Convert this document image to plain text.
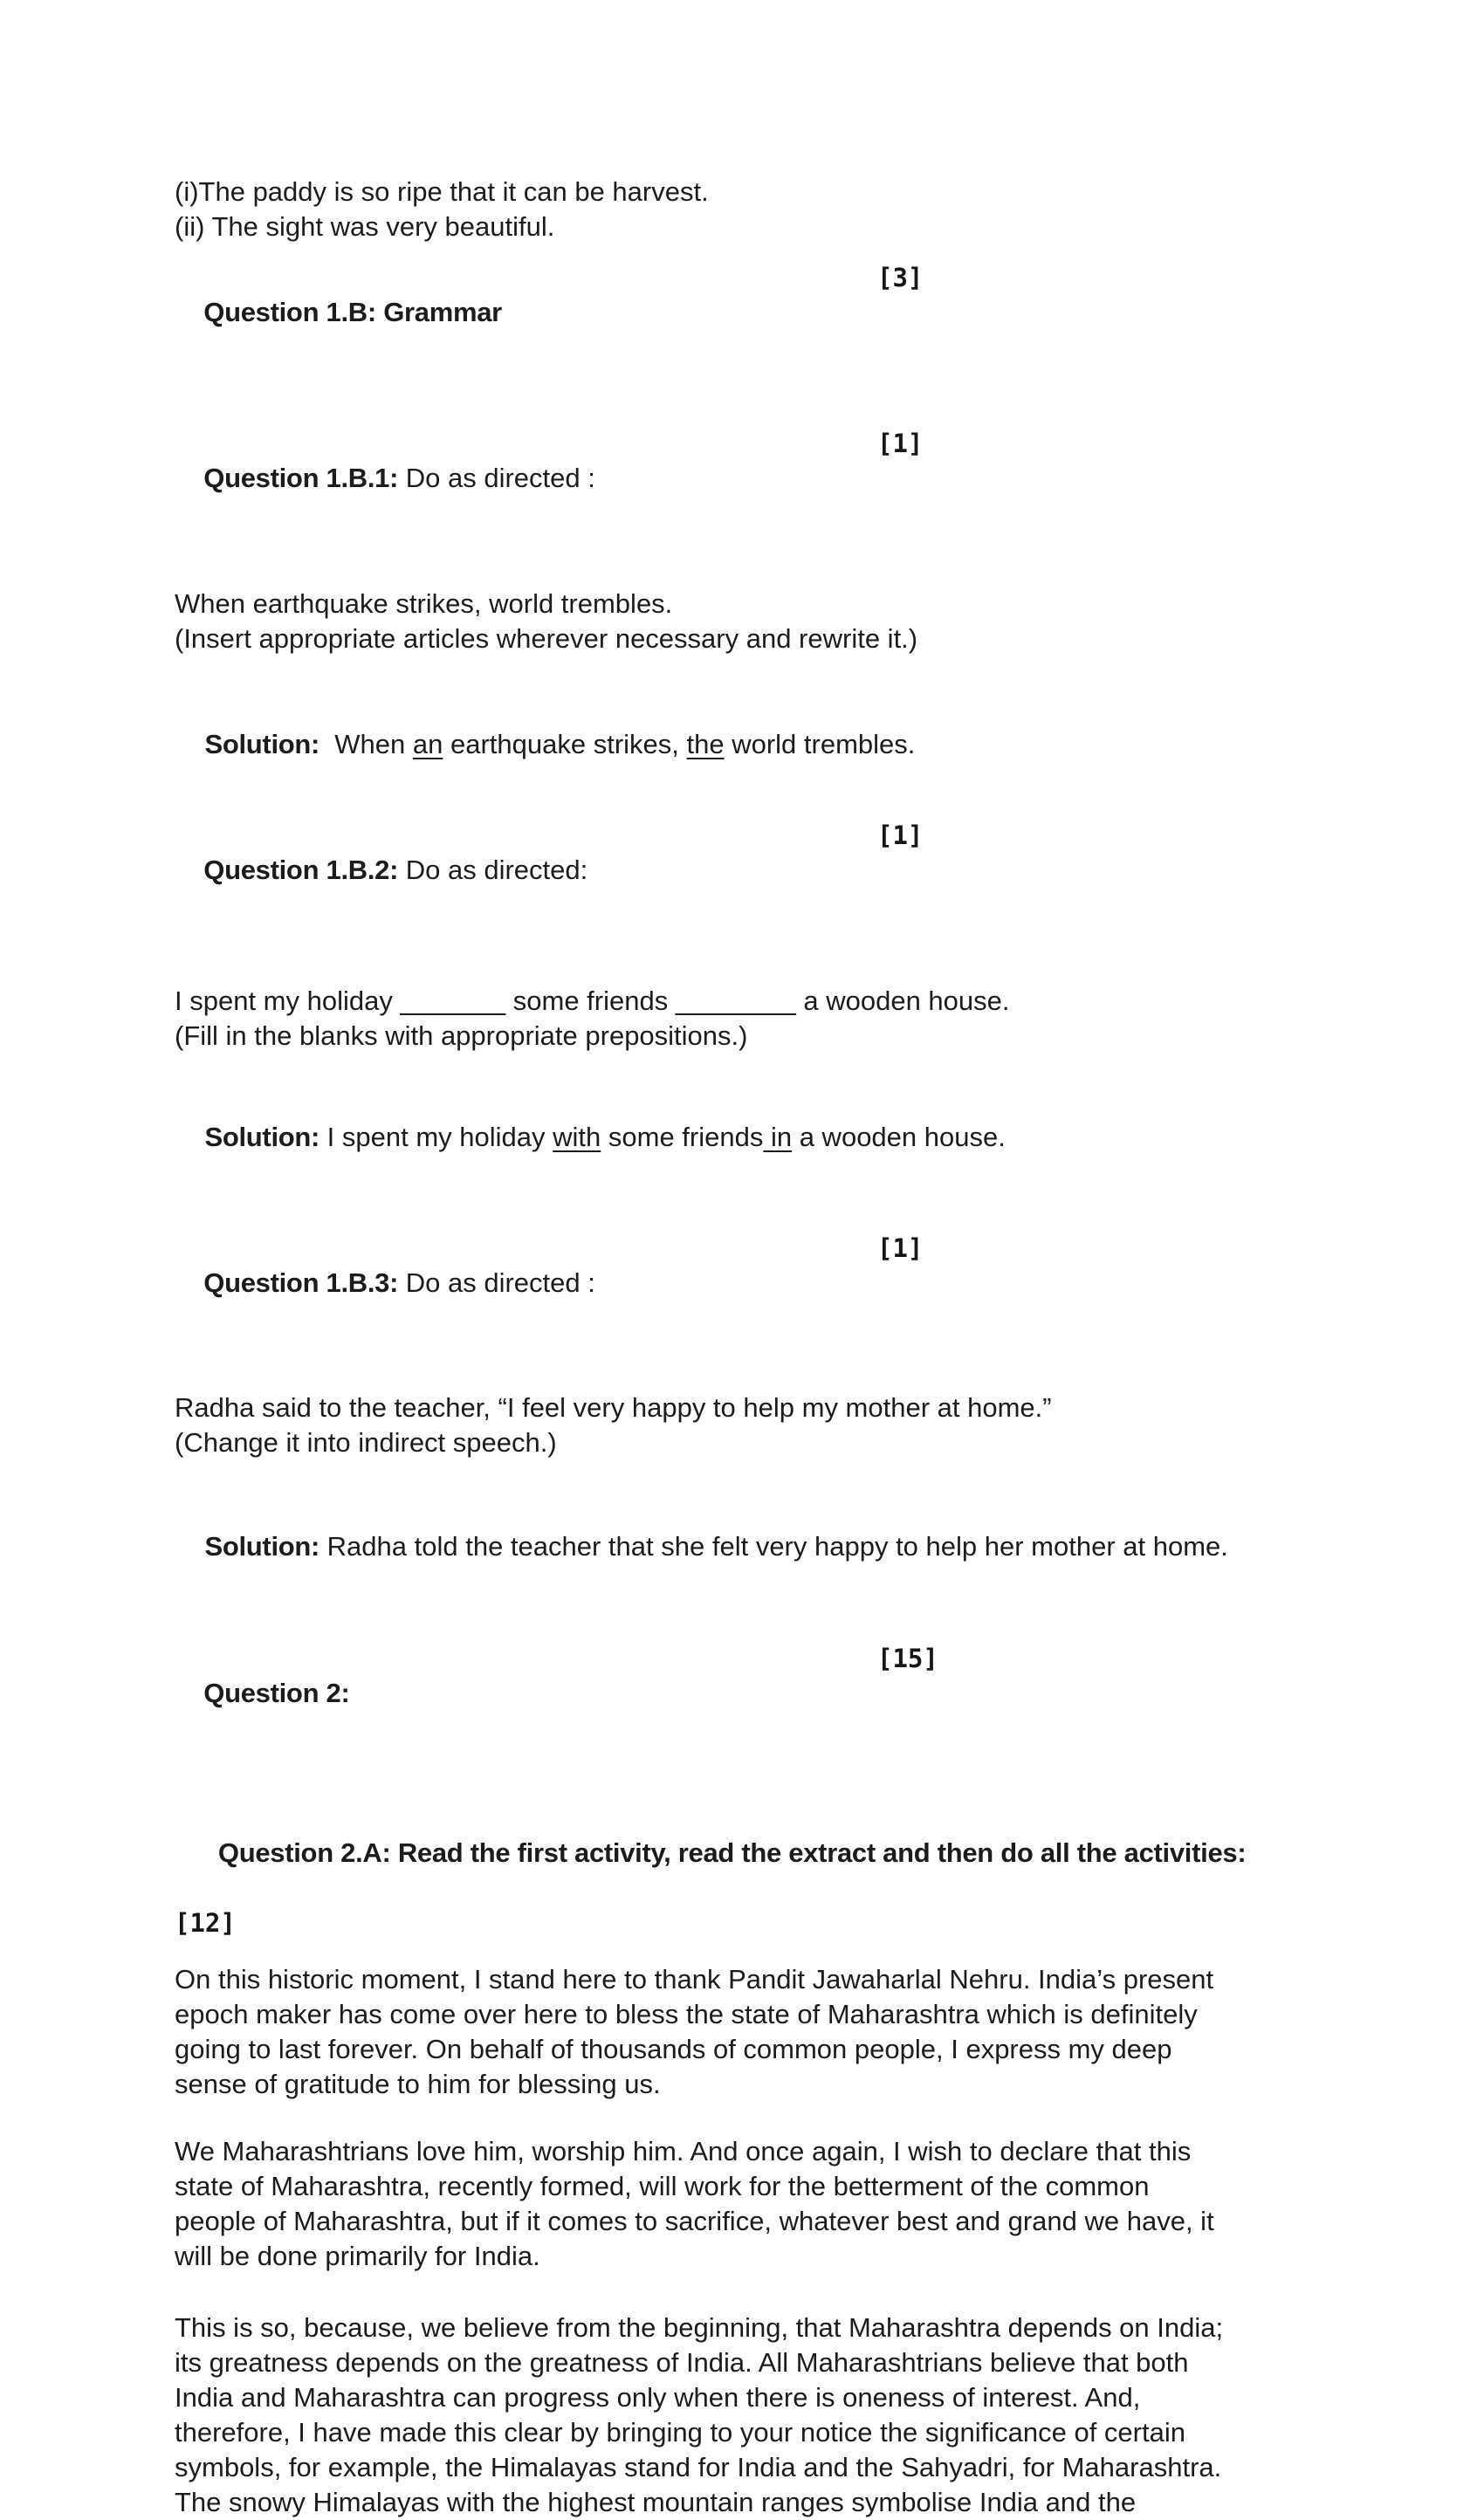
(i)The paddy is so ripe that it can be harvest.
(ii) The sight was very beautiful.

Question 1.B: Grammar

[3]

Question 1.B.1: Do as directed :

[1]

When earthquake strikes, world trembles.
(Insert appropriate articles wherever necessary and rewrite it.)

Solution:  When an earthquake strikes, the world trembles.

Question 1.B.2: Do as directed:

[1]

I spent my holiday _______ some friends ________ a wooden house.
(Fill in the blanks with appropriate prepositions.)

Solution: I spent my holiday with some friends in a wooden house.

Question 1.B.3: Do as directed :

[1]

Radha said to the teacher, “I feel very happy to help my mother at home.”
(Change it into indirect speech.)

Solution: Radha told the teacher that she felt very happy to help her mother at home.

Question 2:

[15]

Question 2.A: Read the first activity, read the extract and then do all the activities:

[12]
On this historic moment, I stand here to thank Pandit Jawaharlal Nehru. India’s present
epoch maker has come over here to bless the state of Maharashtra which is definitely
going to last forever. On behalf of thousands of common people, I express my deep
sense of gratitude to him for blessing us.
We Maharashtrians love him, worship him. And once again, I wish to declare that this
state of Maharashtra, recently formed, will work for the betterment of the common
people of Maharashtra, but if it comes to sacrifice, whatever best and grand we have, it
will be done primarily for India.
This is so, because, we believe from the beginning, that Maharashtra depends on India;
its greatness depends on the greatness of India. All Maharashtrians believe that both
India and Maharashtra can progress only when there is oneness of interest. And,
therefore, I have made this clear by bringing to your notice the significance of certain
symbols, for example, the Himalayas stand for India and the Sahyadri, for Maharashtra.
The snowy Himalayas with the highest mountain ranges symbolise India and the
